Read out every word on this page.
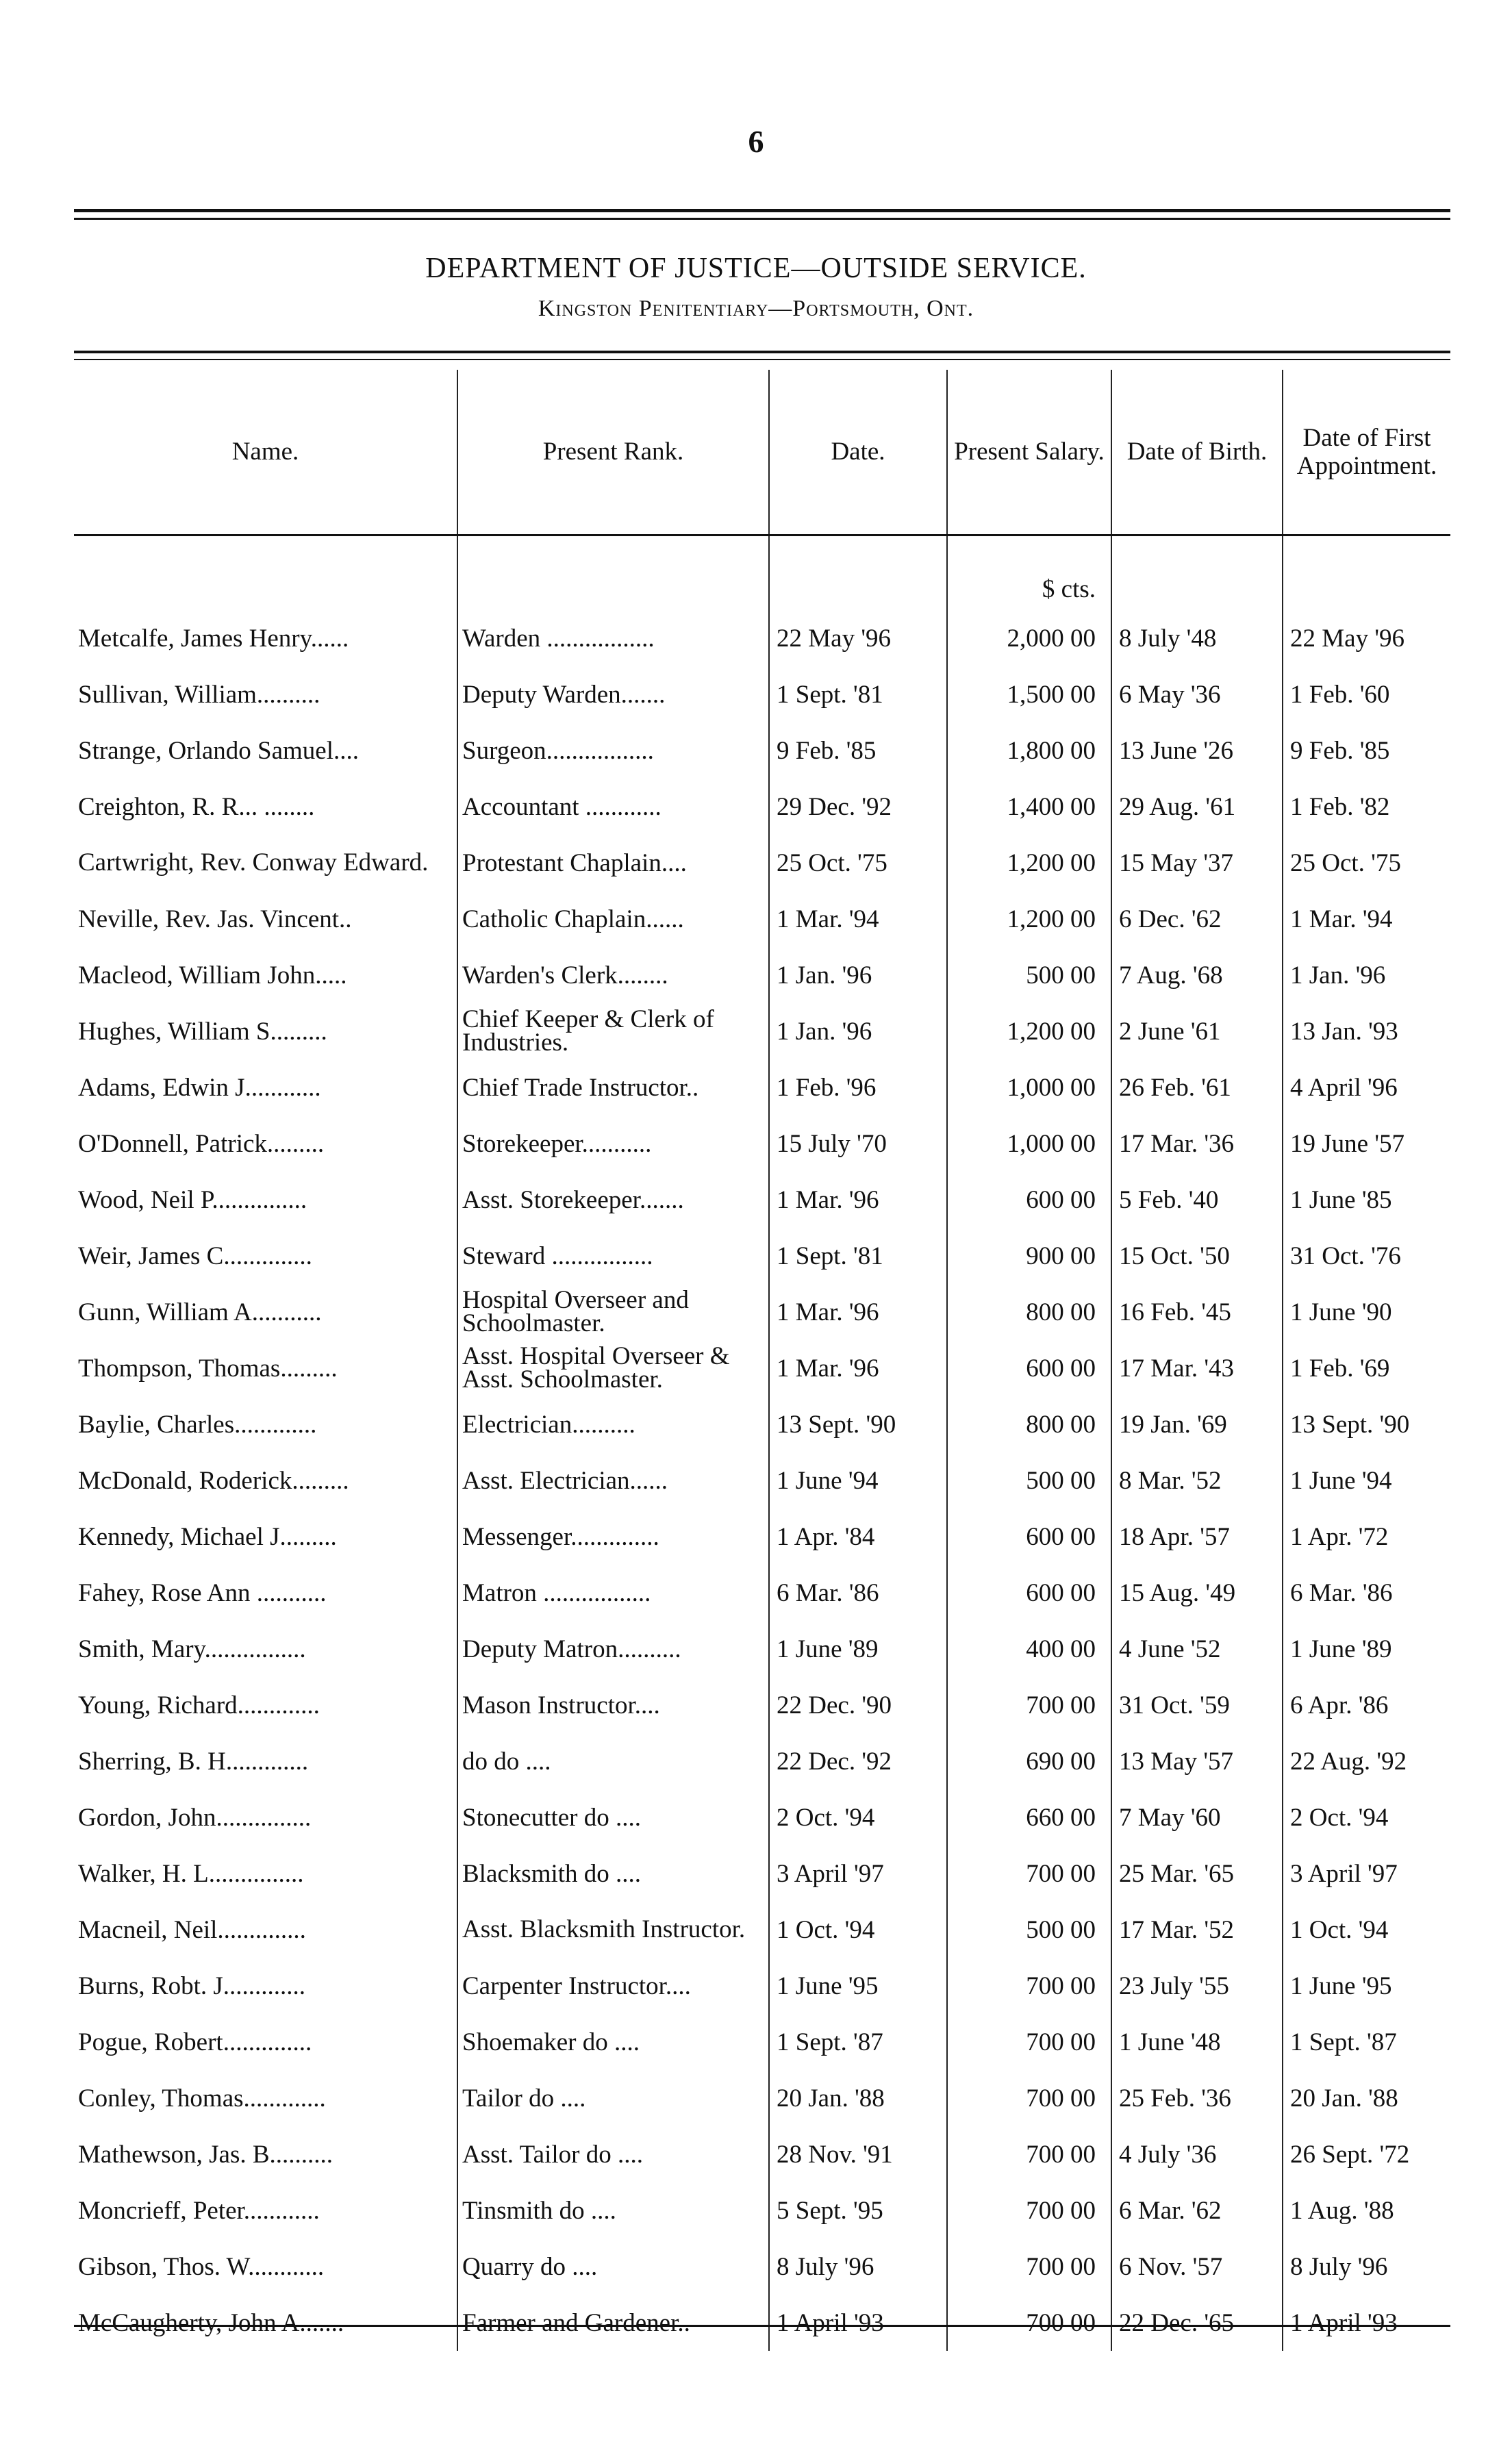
6
DEPARTMENT OF JUSTICE—OUTSIDE SERVICE.
Kingston Penitentiary—Portsmouth, Ont.
Name.	Present Rank.	Date.	Present Salary.	Date of Birth.	Date of First Appointment.
			$ cts.		
Metcalfe, James Henry......	Warden .................	22 May '96	2,000 00	8 July '48	22 May '96
Sullivan, William..........	Deputy Warden.......	1 Sept. '81	1,500 00	6 May '36	1 Feb. '60
Strange, Orlando Samuel....	Surgeon.................	9 Feb. '85	1,800 00	13 June '26	9 Feb. '85
Creighton, R. R... ........	Accountant ............	29 Dec. '92	1,400 00	29 Aug. '61	1 Feb. '82
Cartwright, Rev. Conway Edward.	Protestant Chaplain....	25 Oct. '75	1,200 00	15 May '37	25 Oct. '75
Neville, Rev. Jas. Vincent..	Catholic Chaplain......	1 Mar. '94	1,200 00	6 Dec. '62	1 Mar. '94
Macleod, William John.....	Warden's Clerk........	1 Jan. '96	500 00	7 Aug. '68	1 Jan. '96
Hughes, William S.........	Chief Keeper & Clerk of Industries.	1 Jan. '96	1,200 00	2 June '61	13 Jan. '93
Adams, Edwin J............	Chief Trade Instructor..	1 Feb. '96	1,000 00	26 Feb. '61	4 April '96
O'Donnell, Patrick.........	Storekeeper...........	15 July '70	1,000 00	17 Mar. '36	19 June '57
Wood, Neil P...............	Asst. Storekeeper.......	1 Mar. '96	600 00	5 Feb. '40	1 June '85
Weir, James C..............	Steward ................	1 Sept. '81	900 00	15 Oct. '50	31 Oct. '76
Gunn, William A...........	Hospital Overseer and Schoolmaster.	1 Mar. '96	800 00	16 Feb. '45	1 June '90
Thompson, Thomas.........	Asst. Hospital Overseer & Asst. Schoolmaster.	1 Mar. '96	600 00	17 Mar. '43	1 Feb. '69
Baylie, Charles.............	Electrician..........	13 Sept. '90	800 00	19 Jan. '69	13 Sept. '90
McDonald, Roderick.........	Asst. Electrician......	1 June '94	500 00	8 Mar. '52	1 June '94
Kennedy, Michael J.........	Messenger..............	1 Apr. '84	600 00	18 Apr. '57	1 Apr. '72
Fahey, Rose Ann ...........	Matron .................	6 Mar. '86	600 00	15 Aug. '49	6 Mar. '86
Smith, Mary................	Deputy Matron..........	1 June '89	400 00	4 June '52	1 June '89
Young, Richard.............	Mason Instructor....	22 Dec. '90	700 00	31 Oct. '59	6 Apr. '86
Sherring, B. H.............	do do ....	22 Dec. '92	690 00	13 May '57	22 Aug. '92
Gordon, John...............	Stonecutter do ....	2 Oct. '94	660 00	7 May '60	2 Oct. '94
Walker, H. L...............	Blacksmith do ....	3 April '97	700 00	25 Mar. '65	3 April '97
Macneil, Neil..............	Asst. Blacksmith Instructor.	1 Oct. '94	500 00	17 Mar. '52	1 Oct. '94
Burns, Robt. J.............	Carpenter Instructor....	1 June '95	700 00	23 July '55	1 June '95
Pogue, Robert..............	Shoemaker do ....	1 Sept. '87	700 00	1 June '48	1 Sept. '87
Conley, Thomas.............	Tailor do ....	20 Jan. '88	700 00	25 Feb. '36	20 Jan. '88
Mathewson, Jas. B..........	Asst. Tailor do ....	28 Nov. '91	700 00	4 July '36	26 Sept. '72
Moncrieff, Peter............	Tinsmith do ....	5 Sept. '95	700 00	6 Mar. '62	1 Aug. '88
Gibson, Thos. W............	Quarry do ....	8 July '96	700 00	6 Nov. '57	8 July '96
McCaugherty, John A.......	Farmer and Gardener..	1 April '93	700 00	22 Dec. '65	1 April '93
